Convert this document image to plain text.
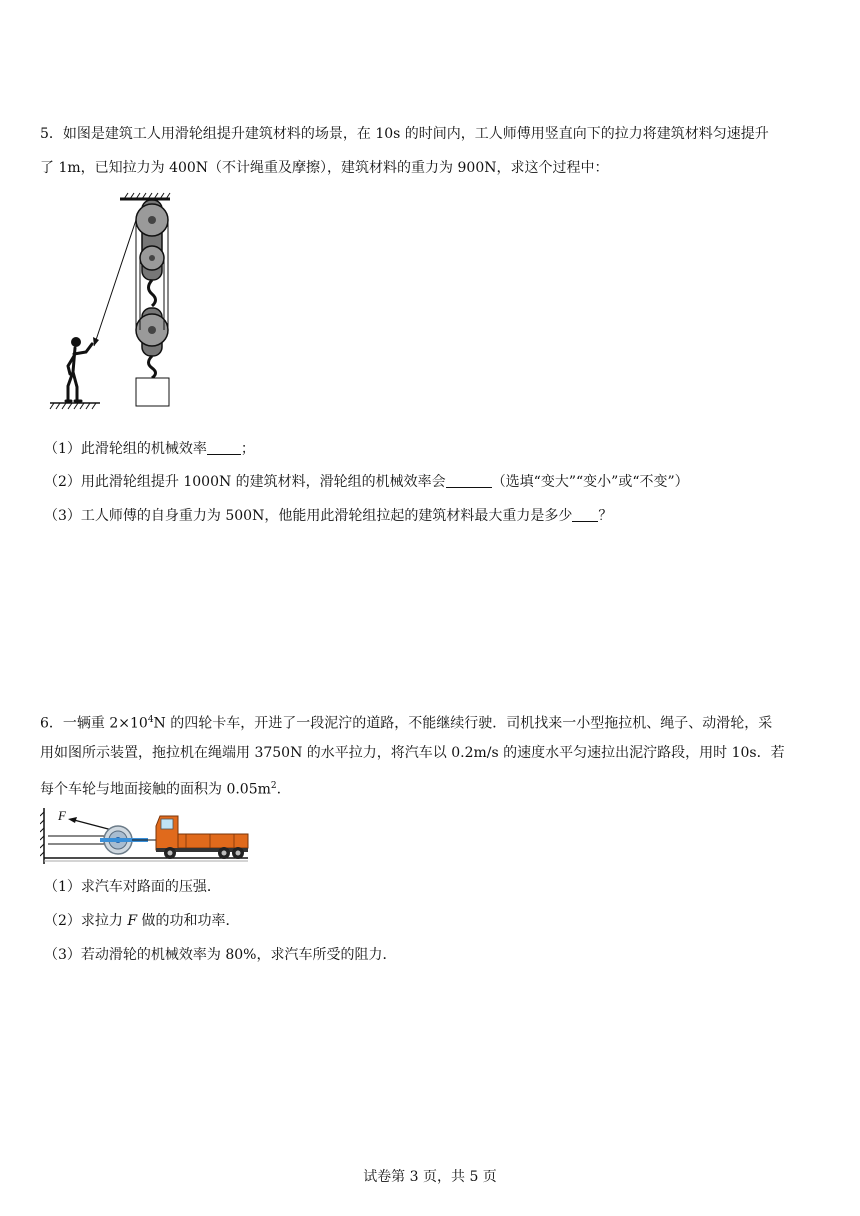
5．如图是建筑工人用滑轮组提升建筑材料的场景，在 10s 的时间内，工人师傅用竖直向下的拉力将建筑材料匀速提升
了 1m，已知拉力为 400N（不计绳重及摩擦），建筑材料的重力为 900N，求这个过程中：
（1）此滑轮组的机械效率 ；
（2）用此滑轮组提升 1000N 的建筑材料，滑轮组的机械效率会	（选填“变大”“变小”或“不变”）
（3）工人师傅的自身重力为 500N，他能用此滑轮组拉起的建筑材料最大重力是多少 ？
6．一辆重 $2\times 10^4N$ 的四轮卡车，开进了一段泥泞的道路，不能继续行驶．司机找来一小型拖拉机、绳子、动滑轮，采
用如图所示装置，拖拉机在绳端用 3750N 的水平拉力，将汽车以 0.2m/s 的速度水平匀速拉出泥泞路段，用时 10s．若
每个车轮与地面接触的面积为 $0.05m^2$.
F
（1）求汽车对路面的压强．
（2）求拉力 F 做的功和功率．
（3）若动滑轮的机械效率为 80%，求汽车所受的阻力．
试卷第 3 页，共 5 页
